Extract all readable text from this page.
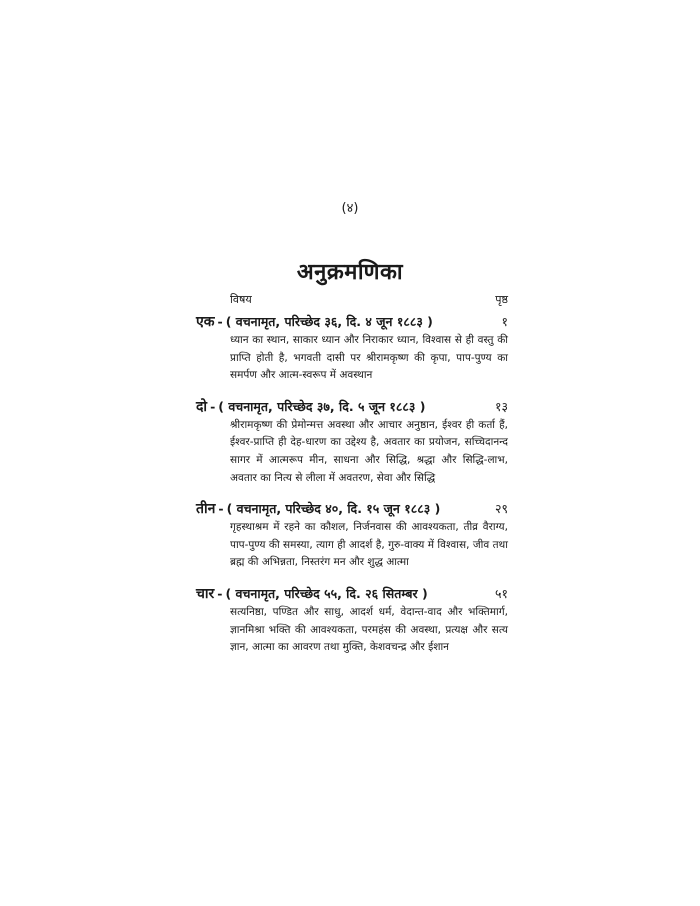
(४)
अनुक्रमणिका
विषय	पृष्ठ
एक - ( वचनामृत, परिच्छेद ३६, दि. ४ जून १८८३ )	१
ध्यान का स्थान, साकार ध्यान और निराकार ध्यान, विश्वास से ही वस्तु की प्राप्ति होती है, भगवती दासी पर श्रीरामकृष्ण की कृपा, पाप-पुण्य का समर्पण और आत्म-स्वरूप में अवस्थान
दो - ( वचनामृत, परिच्छेद ३७, दि. ५ जून १८८३ )	१३
श्रीरामकृष्ण की प्रेमोन्मत्त अवस्था और आचार अनुष्ठान, ईश्वर ही कर्ता हैं, ईश्वर-प्राप्ति ही देह-धारण का उद्देश्य है, अवतार का प्रयोजन, सच्चिदानन्द सागर में आत्मरूप मीन, साधना और सिद्धि, श्रद्धा और सिद्धि-लाभ, अवतार का नित्य से लीला में अवतरण, सेवा और सिद्धि
तीन - ( वचनामृत, परिच्छेद ४०, दि. १५ जून १८८३ )	२९
गृहस्थाश्रम में रहने का कौशल, निर्जनवास की आवश्यकता, तीव्र वैराग्य, पाप-पुण्य की समस्या, त्याग ही आदर्श है, गुरु-वाक्य में विश्वास, जीव तथा ब्रह्म की अभिन्नता, निस्तरंग मन और शुद्ध आत्मा
चार - ( वचनामृत, परिच्छेद ५५, दि. २६ सितम्बर )	५१
सत्यनिष्ठा, पण्डित और साधु, आदर्श धर्म, वेदान्त-वाद और भक्तिमार्ग, ज्ञानमिश्रा भक्ति की आवश्यकता, परमहंस की अवस्था, प्रत्यक्ष और सत्य ज्ञान, आत्मा का आवरण तथा मुक्ति, केशवचन्द्र और ईशान
